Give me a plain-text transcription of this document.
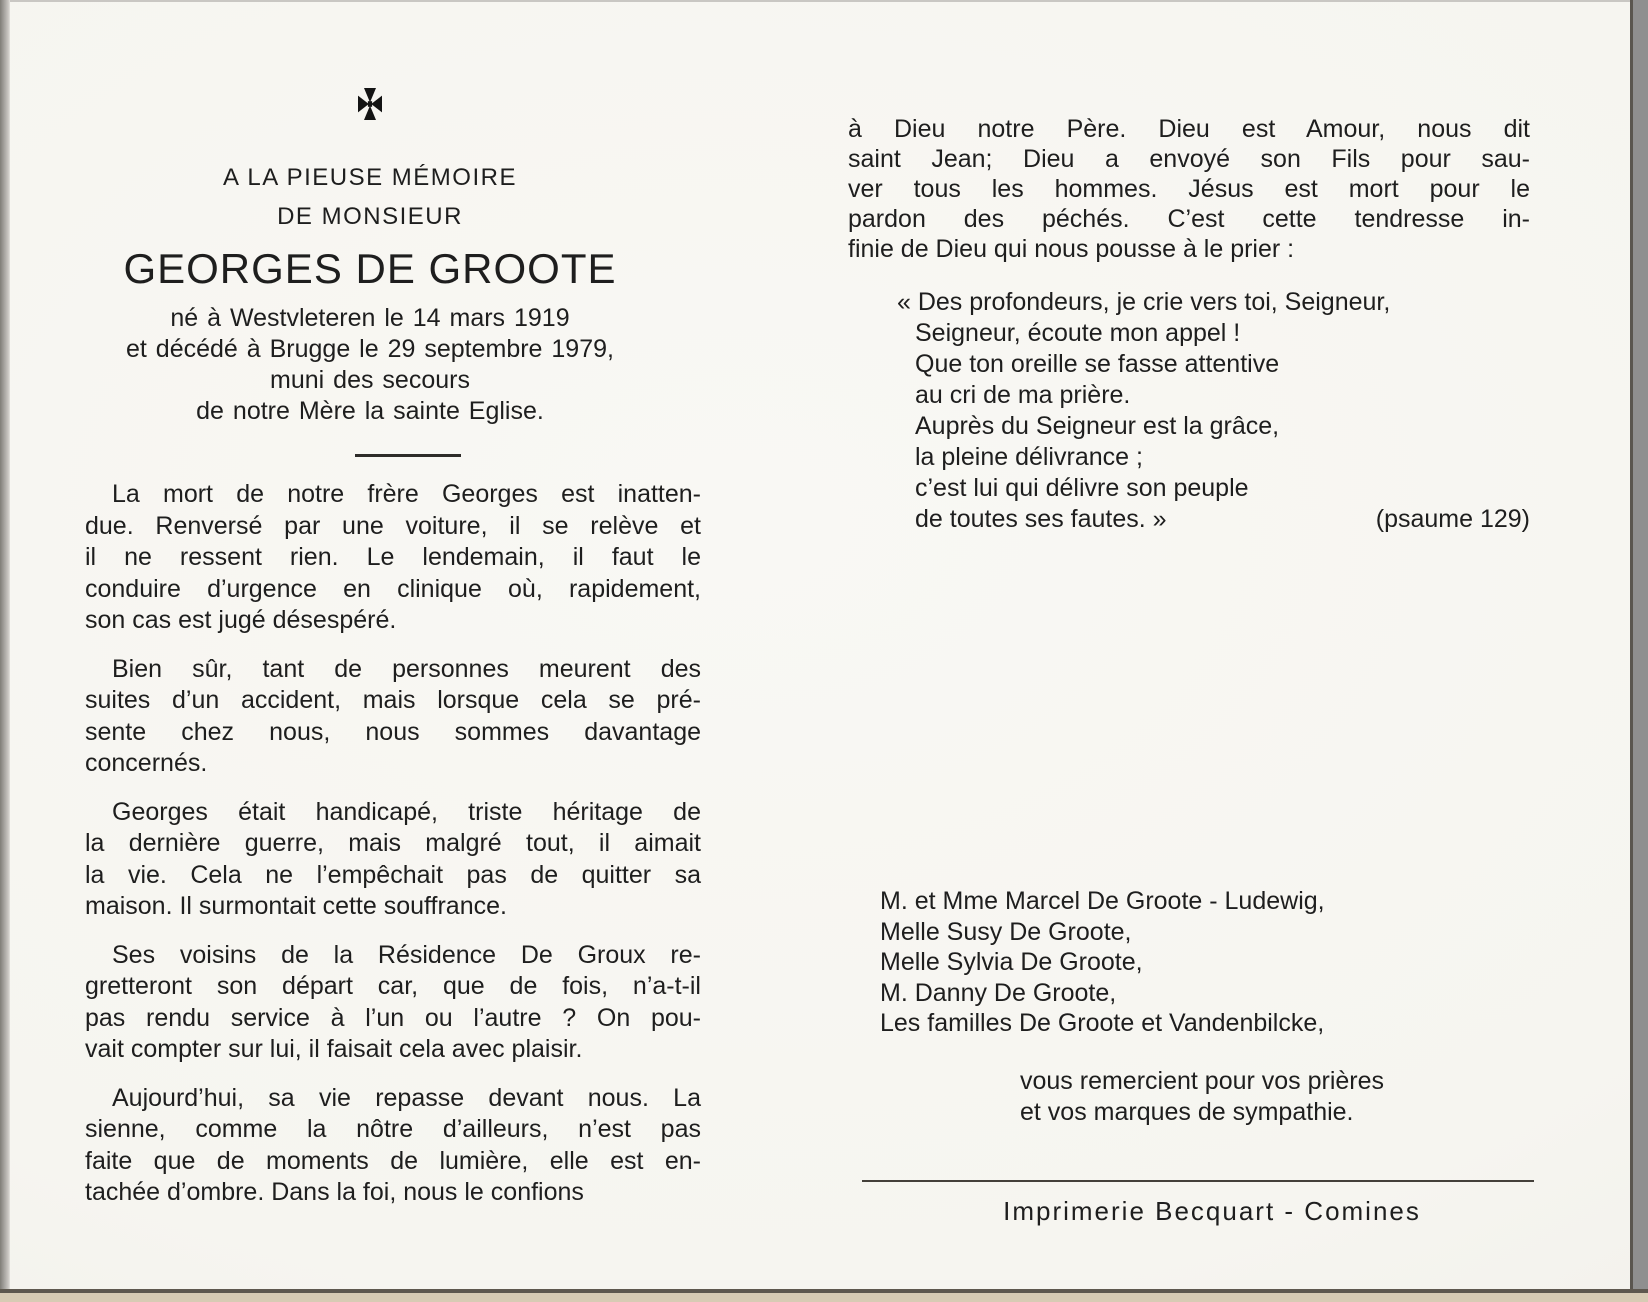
A LA PIEUSE MÉMOIRE
DE MONSIEUR
GEORGES DE GROOTE
né à Westvleteren le 14 mars 1919
et décédé à Brugge le 29 septembre 1979,
muni des secours
de notre Mère la sainte Eglise.
La mort de notre frère Georges est inatten-
due. Renversé par une voiture, il se relève et
il ne ressent rien. Le lendemain, il faut le
conduire d’urgence en clinique où, rapidement,
son cas est jugé désespéré.
Bien sûr, tant de personnes meurent des
suites d’un accident, mais lorsque cela se pré-
sente chez nous, nous sommes davantage
concernés.
Georges était handicapé, triste héritage de
la dernière guerre, mais malgré tout, il aimait
la vie. Cela ne l’empêchait pas de quitter sa
maison. Il surmontait cette souffrance.
Ses voisins de la Résidence De Groux re-
gretteront son départ car, que de fois, n’a-t-il
pas rendu service à l’un ou l’autre ? On pou-
vait compter sur lui, il faisait cela avec plaisir.
Aujourd’hui, sa vie repasse devant nous. La
sienne, comme la nôtre d’ailleurs, n’est pas
faite que de moments de lumière, elle est en-
tachée d’ombre. Dans la foi, nous le confions
à Dieu notre Père. Dieu est Amour, nous dit
saint Jean; Dieu a envoyé son Fils pour sau-
ver tous les hommes. Jésus est mort pour le
pardon des péchés. C’est cette tendresse in-
finie de Dieu qui nous pousse à le prier :
« Des profondeurs, je crie vers toi, Seigneur,
Seigneur, écoute mon appel !
Que ton oreille se fasse attentive
au cri de ma prière.
Auprès du Seigneur est la grâce,
la pleine délivrance ;
c’est lui qui délivre son peuple
de toutes ses fautes. »	(psaume 129)
M. et Mme Marcel De Groote - Ludewig,
Melle Susy De Groote,
Melle Sylvia De Groote,
M. Danny De Groote,
Les familles De Groote et Vandenbilcke,
vous remercient pour vos prières
et vos marques de sympathie.
Imprimerie Becquart - Comines
